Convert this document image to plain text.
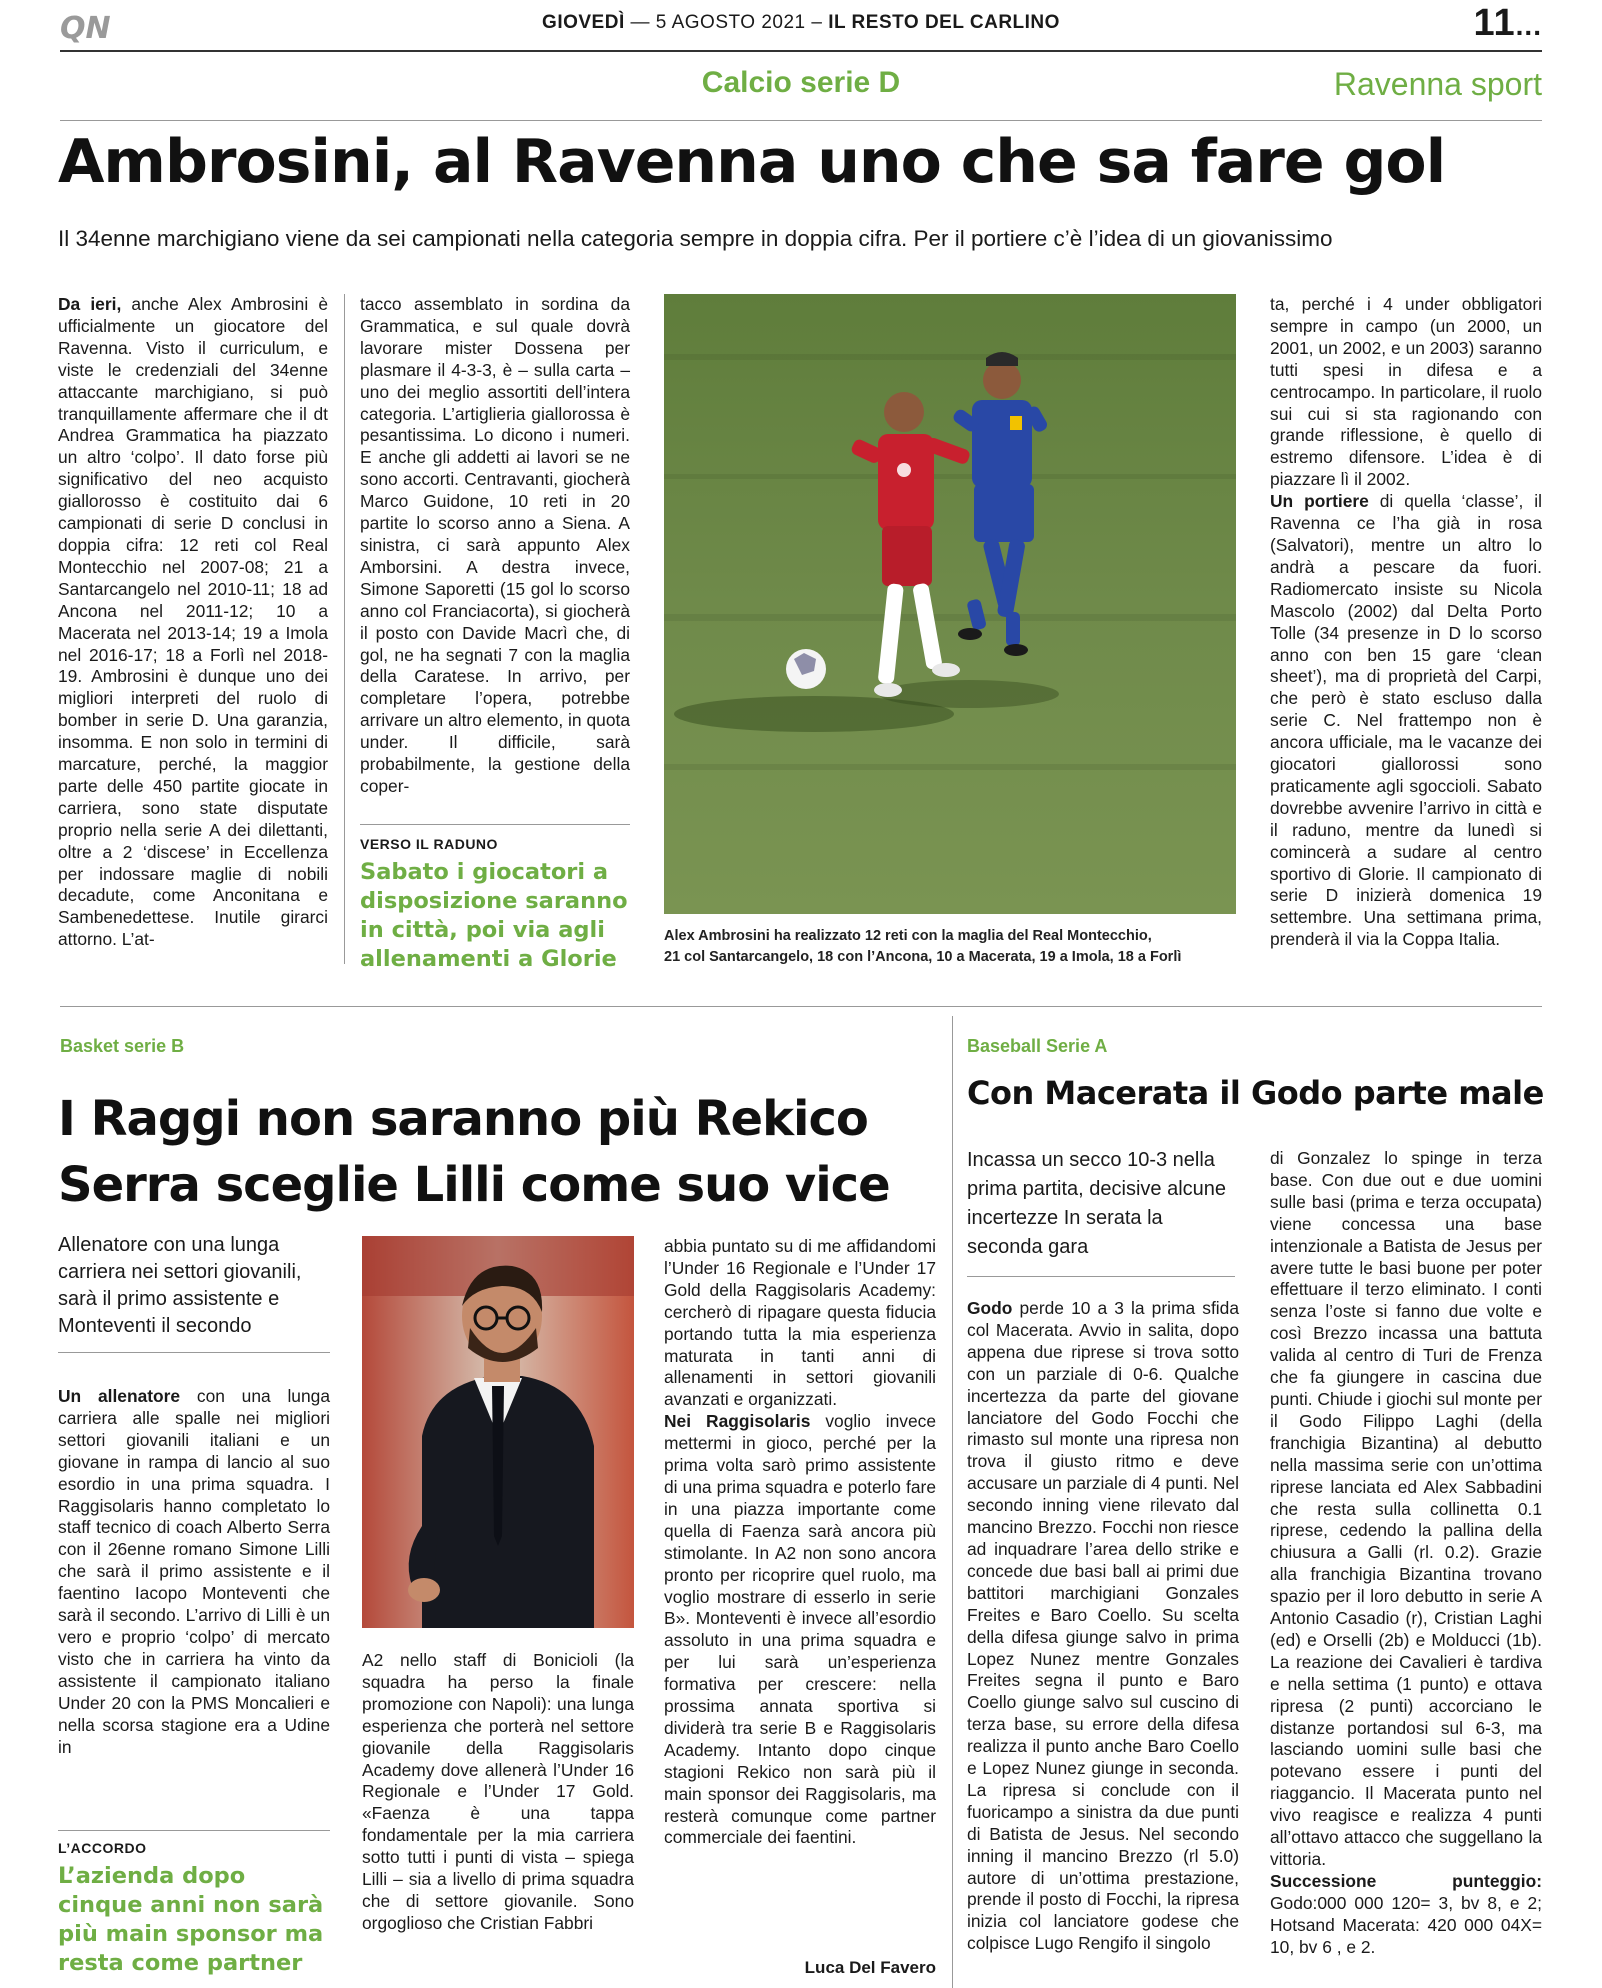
QN	GIOVEDÌ — 5 AGOSTO 2021 – IL RESTO DEL CARLINO	11...
Calcio serie D	Ravenna sport
Ambrosini, al Ravenna uno che sa fare gol

Il 34enne marchigiano viene da sei campionati nella categoria sempre in doppia cifra. Per il portiere c’è l’idea di un giovanissimo

Da ieri, anche Alex Ambrosini è ufficialmente un giocatore del Ravenna. Visto il curriculum, e viste le credenziali del 34enne attaccante marchigiano, si può tranquillamente affermare che il dt Andrea Grammatica ha piazzato un altro ‘colpo’. Il dato forse più significativo del neo acquisto giallorosso è costituito dai 6 campionati di serie D conclusi in doppia cifra: 12 reti col Real Montecchio nel 2007-08; 21 a Santarcangelo nel 2010-11; 18 ad Ancona nel 2011-12; 10 a Macerata nel 2013-14; 19 a Imola nel 2016-17; 18 a Forlì nel 2018-19. Ambrosini è dunque uno dei migliori interpreti del ruolo di bomber in serie D. Una garanzia, insomma. E non solo in termini di marcature, perché, la maggior parte delle 450 partite giocate in carriera, sono state disputate proprio nella serie A dei dilettanti, oltre a 2 ‘discese’ in Eccellenza per indossare maglie di nobili decadute, come Anconitana e Sambenedettese. Inutile girarci attorno. L’at-
tacco assemblato in sordina da Grammatica, e sul quale dovrà lavorare mister Dossena per plasmare il 4-3-3, è – sulla carta – uno dei meglio assortiti dell’intera categoria. L’artiglieria giallorossa è pesantissima. Lo dicono i numeri. E anche gli addetti ai lavori se ne sono accorti. Centravanti, giocherà Marco Guidone, 10 reti in 20 partite lo scorso anno a Siena. A sinistra, ci sarà appunto Alex Amborsini. A destra invece, Simone Saporetti (15 gol lo scorso anno col Franciacorta), si giocherà il posto con Davide Macrì che, di gol, ne ha segnati 7 con la maglia della Caratese. In arrivo, per completare l’opera, potrebbe arrivare un altro elemento, in quota under. Il difficile, sarà probabilmente, la gestione della coper-
VERSO IL RADUNO
Sabato i giocatori a disposizione saranno in città, poi via agli allenamenti a Glorie
Alex Ambrosini ha realizzato 12 reti con la maglia del Real Montecchio,
21 col Santarcangelo, 18 con l’Ancona, 10 a Macerata, 19 a Imola, 18 a Forlì
ta, perché i 4 under obbligatori sempre in campo (un 2000, un 2001, un 2002, e un 2003) saranno tutti spesi in difesa e a centrocampo. In particolare, il ruolo sui cui si sta ragionando con grande riflessione, è quello di estremo difensore. L’idea è di piazzare lì il 2002.
Un portiere di quella ‘classe’, il Ravenna ce l’ha già in rosa (Salvatori), mentre un altro lo andrà a pescare da fuori. Radiomercato insiste su Nicola Mascolo (2002) dal Delta Porto Tolle (34 presenze in D lo scorso anno con ben 15 gare ‘clean sheet’), ma di proprietà del Carpi, che però è stato escluso dalla serie C. Nel frattempo non è ancora ufficiale, ma le vacanze dei giocatori giallorossi sono praticamente agli sgoccioli. Sabato dovrebbe avvenire l’arrivo in città e il raduno, mentre da lunedì si comincerà a sudare al centro sportivo di Glorie. Il campionato di serie D inizierà domenica 19 settembre. Una settimana prima, prenderà il via la Coppa Italia.
Basket serie B
I Raggi non saranno più Rekico
Serra sceglie Lilli come suo vice
Allenatore con una lunga carriera nei settori giovanili, sarà il primo assistente e Monteventi il secondo
Un allenatore con una lunga carriera alle spalle nei migliori settori giovanili italiani e un giovane in rampa di lancio al suo esordio in una prima squadra. I Raggisolaris hanno completato lo staff tecnico di coach Alberto Serra con il 26enne romano Simone Lilli che sarà il primo assistente e il faentino Iacopo Monteventi che sarà il secondo. L’arrivo di Lilli è un vero e proprio ‘colpo’ di mercato visto che in carriera ha vinto da assistente il campionato italiano Under 20 con la PMS Moncalieri e nella scorsa stagione era a Udine in
L’ACCORDO
L’azienda dopo cinque anni non sarà più main sponsor ma resta come partner
A2 nello staff di Bonicioli (la squadra ha perso la finale promozione con Napoli): una lunga esperienza che porterà nel settore giovanile della Raggisolaris Academy dove allenerà l’Under 16 Regionale e l’Under 17 Gold. «Faenza è una tappa fondamentale per la mia carriera sotto tutti i punti di vista – spiega Lilli – sia a livello di prima squadra che di settore giovanile. Sono orgoglioso che Cristian Fabbri
abbia puntato su di me affidandomi l’Under 16 Regionale e l’Under 17 Gold della Raggisolaris Academy: cercherò di ripagare questa fiducia portando tutta la mia esperienza maturata in tanti anni di allenamenti in settori giovanili avanzati e organizzati.
Nei Raggisolaris voglio invece mettermi in gioco, perché per la prima volta sarò primo assistente di una prima squadra e poterlo fare in una piazza importante come quella di Faenza sarà ancora più stimolante. In A2 non sono ancora pronto per ricoprire quel ruolo, ma voglio mostrare di esserlo in serie B». Monteventi è invece all’esordio assoluto in una prima squadra e per lui sarà un’esperienza formativa per crescere: nella prossima annata sportiva si dividerà tra serie B e Raggisolaris Academy. Intanto dopo cinque stagioni Rekico non sarà più il main sponsor dei Raggisolaris, ma resterà comunque come partner commerciale dei faentini.
Luca Del Favero
Baseball Serie A
Con Macerata il Godo parte male
Incassa un secco 10-3 nella prima partita, decisive alcune incertezze In serata la seconda gara
Godo perde 10 a 3 la prima sfida col Macerata. Avvio in salita, dopo appena due riprese si trova sotto con un parziale di 0-6. Qualche incertezza da parte del giovane lanciatore del Godo Focchi che rimasto sul monte una ripresa non trova il giusto ritmo e deve accusare un parziale di 4 punti. Nel secondo inning viene rilevato dal mancino Brezzo. Focchi non riesce ad inquadrare l’area dello strike e concede due basi ball ai primi due battitori marchigiani Gonzales Freites e Baro Coello. Su scelta della difesa giunge salvo in prima Lopez Nunez mentre Gonzales Freites segna il punto e Baro Coello giunge salvo sul cuscino di terza base, su errore della difesa realizza il punto anche Baro Coello e Lopez Nunez giunge in seconda. La ripresa si conclude con il fuoricampo a sinistra da due punti di Batista de Jesus. Nel secondo inning il mancino Brezzo (rl 5.0) autore di un’ottima prestazione, prende il posto di Focchi, la ripresa inizia col lanciatore godese che colpisce Lugo Rengifo il singolo
di Gonzalez lo spinge in terza base. Con due out e due uomini sulle basi (prima e terza occupata) viene concessa una base intenzionale a Batista de Jesus per avere tutte le basi buone per poter effettuare il terzo eliminato. I conti senza l’oste si fanno due volte e così Brezzo incassa una battuta valida al centro di Turi de Frenza che fa giungere in cascina due punti. Chiude i giochi sul monte per il Godo Filippo Laghi (della franchigia Bizantina) al debutto nella massima serie con un’ottima riprese lanciata ed Alex Sabbadini che resta sulla collinetta 0.1 riprese, cedendo la pallina della chiusura a Galli (rl. 0.2). Grazie alla franchigia Bizantina trovano spazio per il loro debutto in serie A Antonio Casadio (r), Cristian Laghi (ed) e Orselli (2b) e Molducci (1b). La reazione dei Cavalieri è tardiva e nella settima (1 punto) e ottava ripresa (2 punti) accorciano le distanze portandosi sul 6-3, ma lasciando uomini sulle basi che potevano essere i punti del riaggancio. Il Macerata punto nel vivo reagisce e realizza 4 punti all’ottavo attacco che suggellano la vittoria.
Successione punteggio: Godo:000 000 120= 3, bv 8, e 2; Hotsand Macerata: 420 000 04X= 10, bv 6 , e 2.
